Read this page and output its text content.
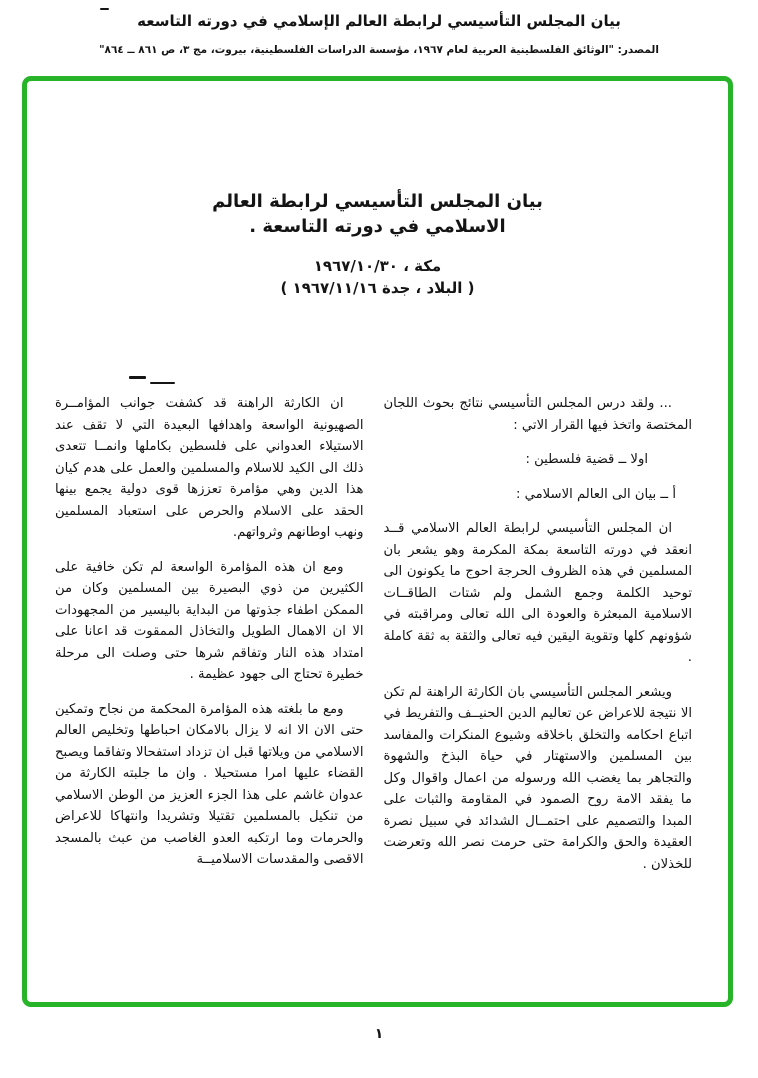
بيان المجلس التأسيسي لرابطة العالم الإسلامي في دورته التاسعه
المصدر: "الوثائق الفلسطينية العربية لعام ١٩٦٧، مؤسسة الدراسات الفلسطينية، بيروت، مج ٣، ص ٨٦١ ــ ٨٦٤"
بيان المجلس التأسيسي لرابطة العالم
الاسلامي في دورته التاسعة .
مكة ، ١٩٦٧/١٠/٣٠
( البلاد ، جدة ١٩٦٧/١١/١٦ )

... ولقد درس المجلس التأسيسي نتائج بحوث اللجان المختصة واتخذ فيها القرار الاتي :

اولا ــ قضية فلسطين :

أ ــ بيان الى العالم الاسلامي :

ان المجلس التأسيسي لرابطة العالم الاسلامي قــد انعقد في دورته التاسعة بمكة المكرمة وهو يشعر بان المسلمين في هذه الظروف الحرجة احوج ما يكونون الى توحيد الكلمة وجمع الشمل ولم شتات الطاقــات الاسلامية المبعثرة والعودة الى الله تعالى ومراقبته في شؤونهم كلها وتقوية اليقين فيه تعالى والثقة به ثقة كاملة .

ويشعر المجلس التأسيسي بان الكارثة الراهنة لم تكن الا نتيجة للاعراض عن تعاليم الدين الحنيــف والتفريط في اتباع احكامه والتخلق باخلاقه وشيوع المنكرات والمفاسد بين المسلمين والاستهتار في حياة البذخ والشهوة والتجاهر بما يغضب الله ورسوله من اعمال واقوال وكل ما يفقد الامة روح الصمود في المقاومة والثبات على المبدا والتصميم على احتمــال الشدائد في سبيل نصرة العقيدة والحق والكرامة حتى حرمت نصر الله وتعرضت للخذلان .

ان الكارثة الراهنة قد كشفت جوانب المؤامــرة الصهيونية الواسعة واهدافها البعيدة التي لا تقف عند الاستيلاء العدواني على فلسطين بكاملها وانمــا تتعدى ذلك الى الكيد للاسلام والمسلمين والعمل على هدم كيان هذا الدين وهي مؤامرة تعززها قوى دولية يجمع بينها الحقد على الاسلام والحرص على استعباد المسلمين ونهب اوطانهم وثرواتهم.

ومع ان هذه المؤامرة الواسعة لم تكن خافية على الكثيرين من ذوي البصيرة بين المسلمين وكان من الممكن اطفاء جذوتها من البداية باليسير من المجهودات الا ان الاهمال الطويل والتخاذل الممقوت قد اعانا على امتداد هذه النار وتفاقم شرها حتى وصلت الى مرحلة خطيرة تحتاج الى جهود عظيمة .

ومع ما بلغته هذه المؤامرة المحكمة من نجاح وتمكين حتى الان الا انه لا يزال بالامكان احباطها وتخليص العالم الاسلامي من ويلاتها قبل ان تزداد استفحالا وتفاقما ويصبح القضاء عليها امرا مستحيلا . وان ما جلبته الكارثة من عدوان غاشم على هذا الجزء العزيز من الوطن الاسلامي من تنكيل بالمسلمين تقتيلا وتشريدا وانتهاكا للاعراض والحرمات وما ارتكبه العدو الغاصب من عبث بالمسجد الاقصى والمقدسات الاسلاميــة

١
